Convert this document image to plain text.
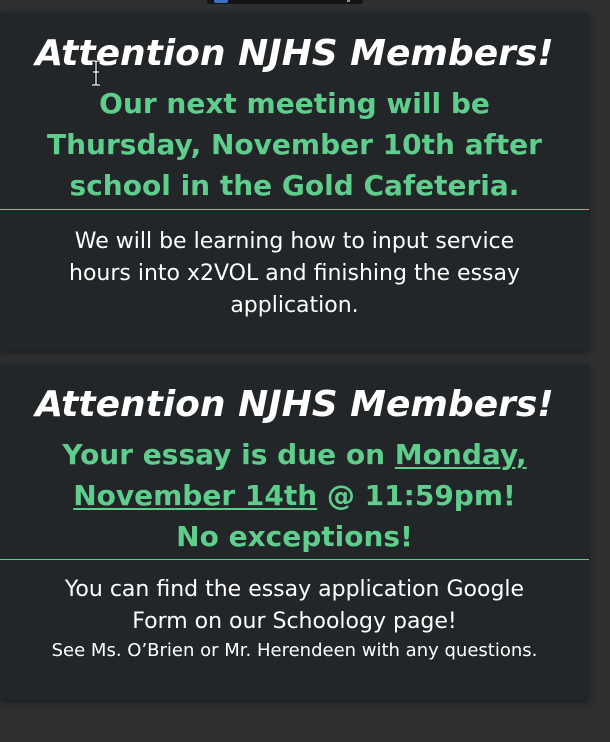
Attention NJHS Members!
Our next meeting will be
Thursday, November 10th after
school in the Gold Cafeteria.
We will be learning how to input service
hours into x2VOL and finishing the essay
application.
Attention NJHS Members!
Your essay is due on Monday,
November 14th @ 11:59pm!
No exceptions!
You can find the essay application Google
Form on our Schoology page!
See Ms. O’Brien or Mr. Herendeen with any questions.
